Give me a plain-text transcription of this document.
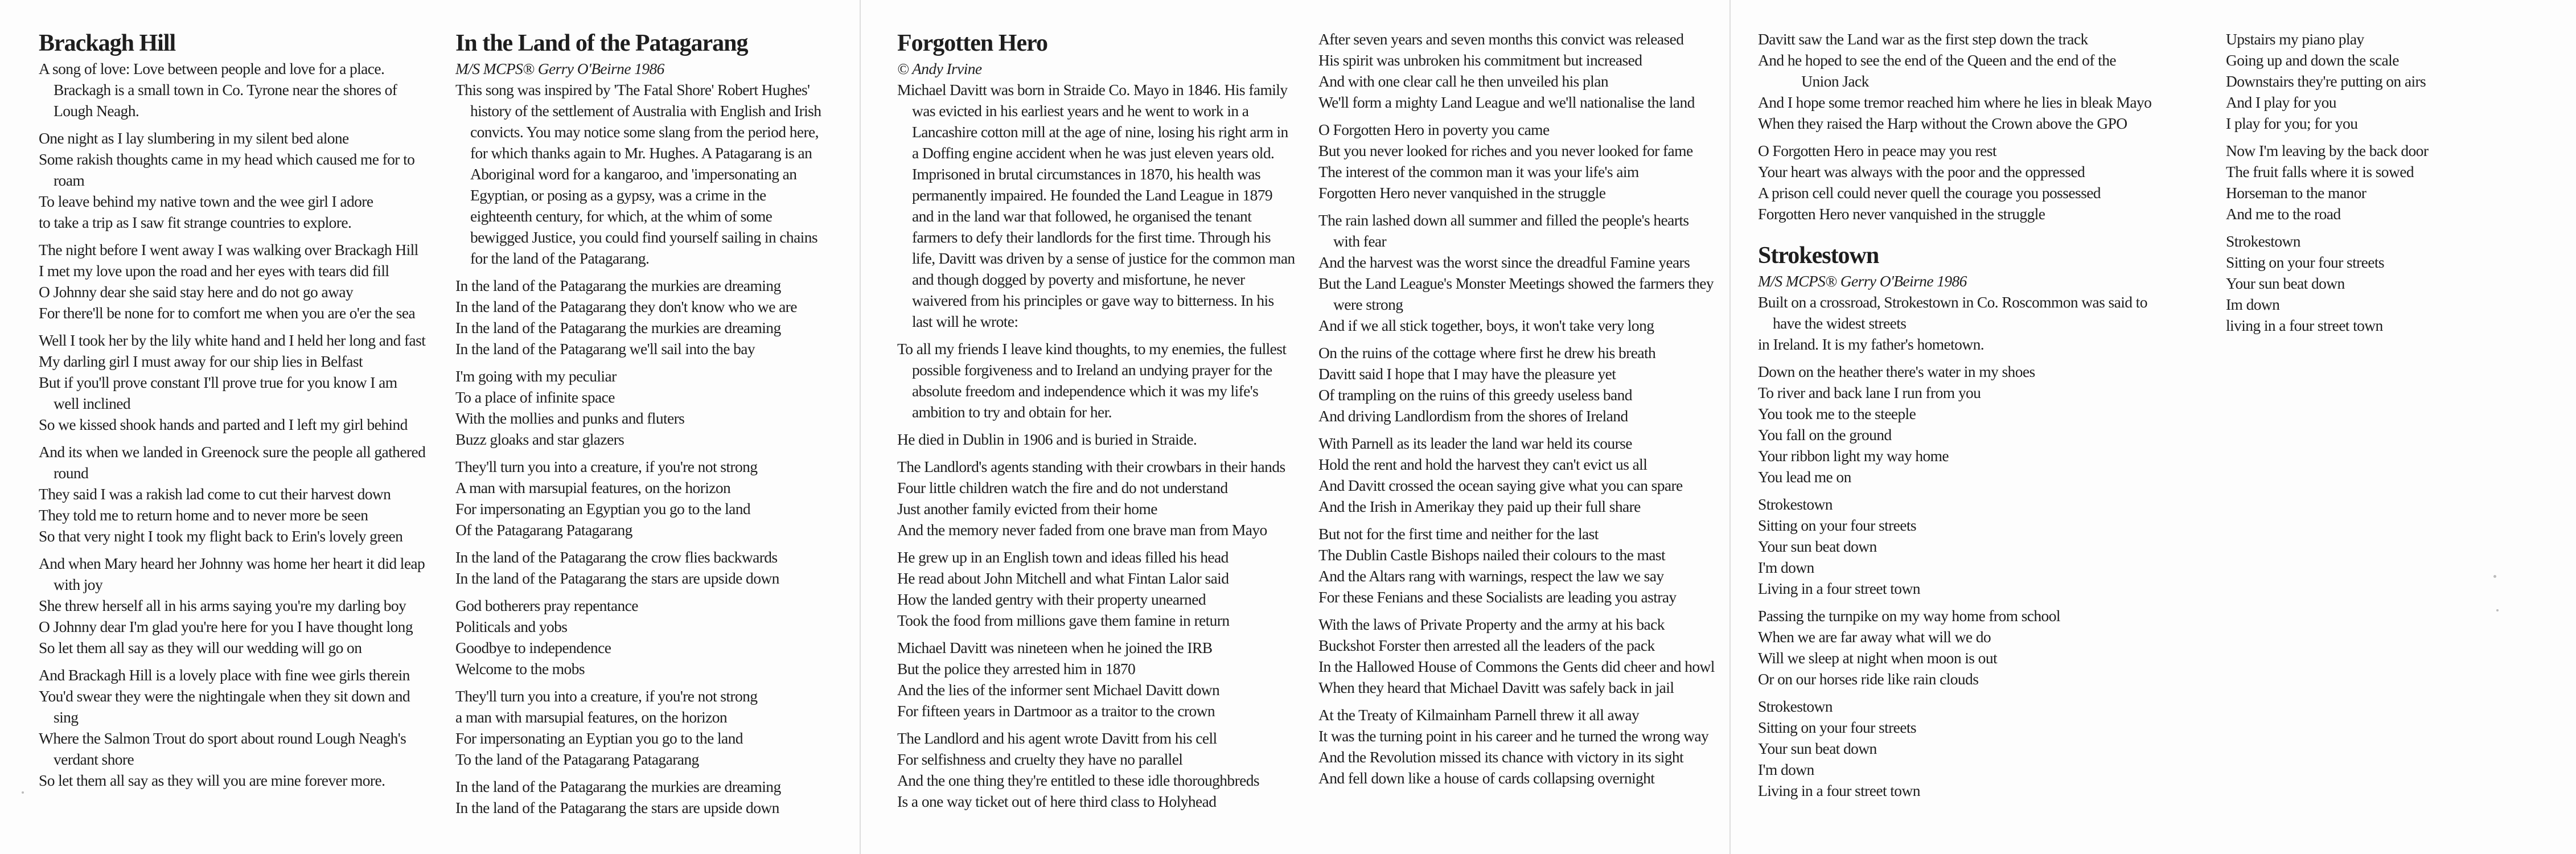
Brackagh Hill

A song of love: Love between people and love for a place. Brackagh is a small town in Co. Tyrone near the shores of Lough Neagh.

One night as I lay slumbering in my silent bed alone
Some rakish thoughts came in my head which caused me for to roam
To leave behind my native town and the wee girl I adore
to take a trip as I saw fit strange countries to explore.

The night before I went away I was walking over Brackagh Hill
I met my love upon the road and her eyes with tears did fill
O Johnny dear she said stay here and do not go away
For there'll be none for to comfort me when you are o'er the sea

Well I took her by the lily white hand and I held her long and fast
My darling girl I must away for our ship lies in Belfast
But if you'll prove constant I'll prove true for you know I am well inclined
So we kissed shook hands and parted and I left my girl behind

And its when we landed in Greenock sure the people all gathered round
They said I was a rakish lad come to cut their harvest down
They told me to return home and to never more be seen
So that very night I took my flight back to Erin's lovely green

And when Mary heard her Johnny was home her heart it did leap with joy
She threw herself all in his arms saying you're my darling boy
O Johnny dear I'm glad you're here for you I have thought long
So let them all say as they will our wedding will go on

And Brackagh Hill is a lovely place with fine wee girls therein
You'd swear they were the nightingale when they sit down and sing
Where the Salmon Trout do sport about round Lough Neagh's verdant shore
So let them all say as they will you are mine forever more.

In the Land of the Patagarang

M/S MCPS® Gerry O'Beirne 1986

This song was inspired by 'The Fatal Shore' Robert Hughes' history of the settlement of Australia with English and Irish convicts. You may notice some slang from the period here, for which thanks again to Mr. Hughes. A Patagarang is an Aboriginal word for a kangaroo, and 'impersonating an Egyptian, or posing as a gypsy, was a crime in the eighteenth century, for which, at the whim of some bewigged Justice, you could find yourself sailing in chains for the land of the Patagarang.

In the land of the Patagarang the murkies are dreaming
In the land of the Patagarang they don't know who we are
In the land of the Patagarang the murkies are dreaming
In the land of the Patagarang we'll sail into the bay

I'm going with my peculiar
To a place of infinite space
With the mollies and punks and fluters
Buzz gloaks and star glazers

They'll turn you into a creature, if you're not strong
A man with marsupial features, on the horizon
For impersonating an Egyptian you go to the land
Of the Patagarang Patagarang

In the land of the Patagarang the crow flies backwards
In the land of the Patagarang the stars are upside down

God botherers pray repentance
Politicals and yobs
Goodbye to independence
Welcome to the mobs

They'll turn you into a creature, if you're not strong
a man with marsupial features, on the horizon
For impersonating an Eyptian you go to the land
To the land of the Patagarang Patagarang

In the land of the Patagarang the murkies are dreaming
In the land of the Patagarang the stars are upside down

Forgotten Hero

© Andy Irvine

Michael Davitt was born in Straide Co. Mayo in 1846. His family was evicted in his earliest years and he went to work in a Lancashire cotton mill at the age of nine, losing his right arm in a Doffing engine accident when he was just eleven years old. Imprisoned in brutal circumstances in 1870, his health was permanently impaired. He founded the Land League in 1879 and in the land war that followed, he organised the tenant farmers to defy their landlords for the first time. Through his life, Davitt was driven by a sense of justice for the common man and though dogged by poverty and misfortune, he never waivered from his principles or gave way to bitterness. In his last will he wrote:

To all my friends I leave kind thoughts, to my enemies, the fullest possible forgiveness and to Ireland an undying prayer for the absolute freedom and independence which it was my life's ambition to try and obtain for her.

He died in Dublin in 1906 and is buried in Straide.

The Landlord's agents standing with their crowbars in their hands
Four little children watch the fire and do not understand
Just another family evicted from their home
And the memory never faded from one brave man from Mayo

He grew up in an English town and ideas filled his head
He read about John Mitchell and what Fintan Lalor said
How the landed gentry with their property unearned
Took the food from millions gave them famine in return

Michael Davitt was nineteen when he joined the IRB
But the police they arrested him in 1870
And the lies of the informer sent Michael Davitt down
For fifteen years in Dartmoor as a traitor to the crown

The Landlord and his agent wrote Davitt from his cell
For selfishness and cruelty they have no parallel
And the one thing they're entitled to these idle thoroughbreds
Is a one way ticket out of here third class to Holyhead

After seven years and seven months this convict was released
His spirit was unbroken his commitment but increased
And with one clear call he then unveiled his plan
We'll form a mighty Land League and we'll nationalise the land

O Forgotten Hero in poverty you came
But you never looked for riches and you never looked for fame
The interest of the common man it was your life's aim
Forgotten Hero never vanquished in the struggle

The rain lashed down all summer and filled the people's hearts with fear
And the harvest was the worst since the dreadful Famine years
But the Land League's Monster Meetings showed the farmers they were strong
And if we all stick together, boys, it won't take very long

On the ruins of the cottage where first he drew his breath
Davitt said I hope that I may have the pleasure yet
Of trampling on the ruins of this greedy useless band
And driving Landlordism from the shores of Ireland

With Parnell as its leader the land war held its course
Hold the rent and hold the harvest they can't evict us all
And Davitt crossed the ocean saying give what you can spare
And the Irish in Amerikay they paid up their full share

But not for the first time and neither for the last
The Dublin Castle Bishops nailed their colours to the mast
And the Altars rang with warnings, respect the law we say
For these Fenians and these Socialists are leading you astray

With the laws of Private Property and the army at his back
Buckshot Forster then arrested all the leaders of the pack
In the Hallowed House of Commons the Gents did cheer and howl
When they heard that Michael Davitt was safely back in jail

At the Treaty of Kilmainham Parnell threw it all away
It was the turning point in his career and he turned the wrong way
And the Revolution missed its chance with victory in its sight
And fell down like a house of cards collapsing overnight

Davitt saw the Land war as the first step down the track
And he hoped to see the end of the Queen and the end of the
Union Jack
And I hope some tremor reached him where he lies in bleak Mayo
When they raised the Harp without the Crown above the GPO

O Forgotten Hero in peace may you rest
Your heart was always with the poor and the oppressed
A prison cell could never quell the courage you possessed
Forgotten Hero never vanquished in the struggle

Strokestown

M/S MCPS® Gerry O'Beirne 1986

Built on a crossroad, Strokestown in Co. Roscommon was said to have the widest streets
in Ireland. It is my father's hometown.

Down on the heather there's water in my shoes
To river and back lane I run from you
You took me to the steeple
You fall on the ground
Your ribbon light my way home
You lead me on

Strokestown
Sitting on your four streets
Your sun beat down
I'm down
Living in a four street town

Passing the turnpike on my way home from school
When we are far away what will we do
Will we sleep at night when moon is out
Or on our horses ride like rain clouds

Strokestown
Sitting on your four streets
Your sun beat down
I'm down
Living in a four street town

Upstairs my piano play
Going up and down the scale
Downstairs they're putting on airs
And I play for you
I play for you; for you

Now I'm leaving by the back door
The fruit falls where it is sowed
Horseman to the manor
And me to the road

Strokestown
Sitting on your four streets
Your sun beat down
Im down
living in a four street town
